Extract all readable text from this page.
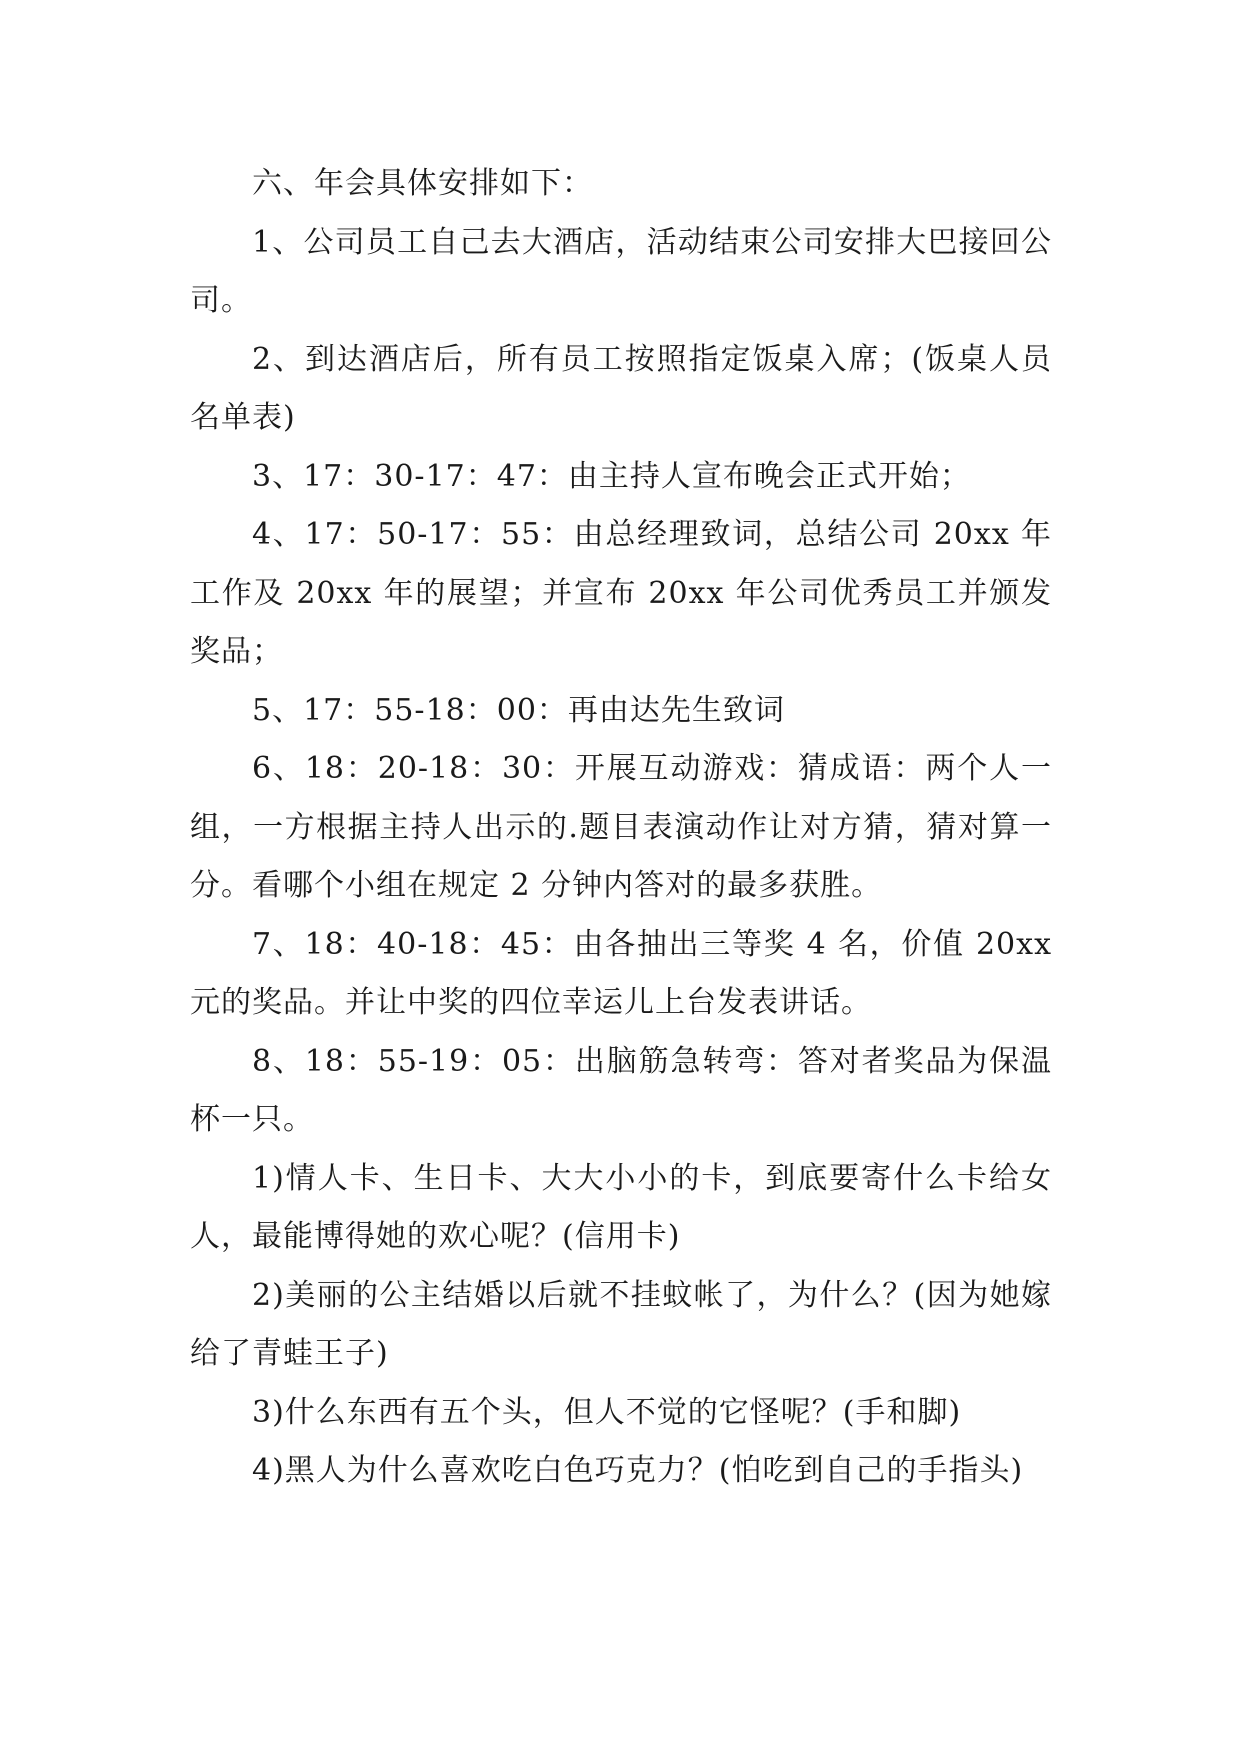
六、年会具体安排如下：

1、公司员工自己去大酒店，活动结束公司安排大巴接回公司。

2、到达酒店后，所有员工按照指定饭桌入席；(饭桌人员名单表)

3、17：30-17：47：由主持人宣布晚会正式开始；

4、17：50-17：55：由总经理致词，总结公司 20xx 年工作及 20xx 年的展望；并宣布 20xx 年公司优秀员工并颁发奖品；

5、17：55-18：00：再由达先生致词

6、18：20-18：30：开展互动游戏：猜成语：两个人一组，一方根据主持人出示的.题目表演动作让对方猜，猜对算一分。看哪个小组在规定 2 分钟内答对的最多获胜。

7、18：40-18：45：由各抽出三等奖 4 名，价值 20xx 元的奖品。并让中奖的四位幸运儿上台发表讲话。

8、18：55-19：05：出脑筋急转弯：答对者奖品为保温杯一只。

1)情人卡、生日卡、大大小小的卡，到底要寄什么卡给女人，最能博得她的欢心呢？(信用卡)

2)美丽的公主结婚以后就不挂蚊帐了，为什么？(因为她嫁给了青蛙王子)

3)什么东西有五个头，但人不觉的它怪呢？(手和脚)

4)黑人为什么喜欢吃白色巧克力？(怕吃到自己的手指头)
